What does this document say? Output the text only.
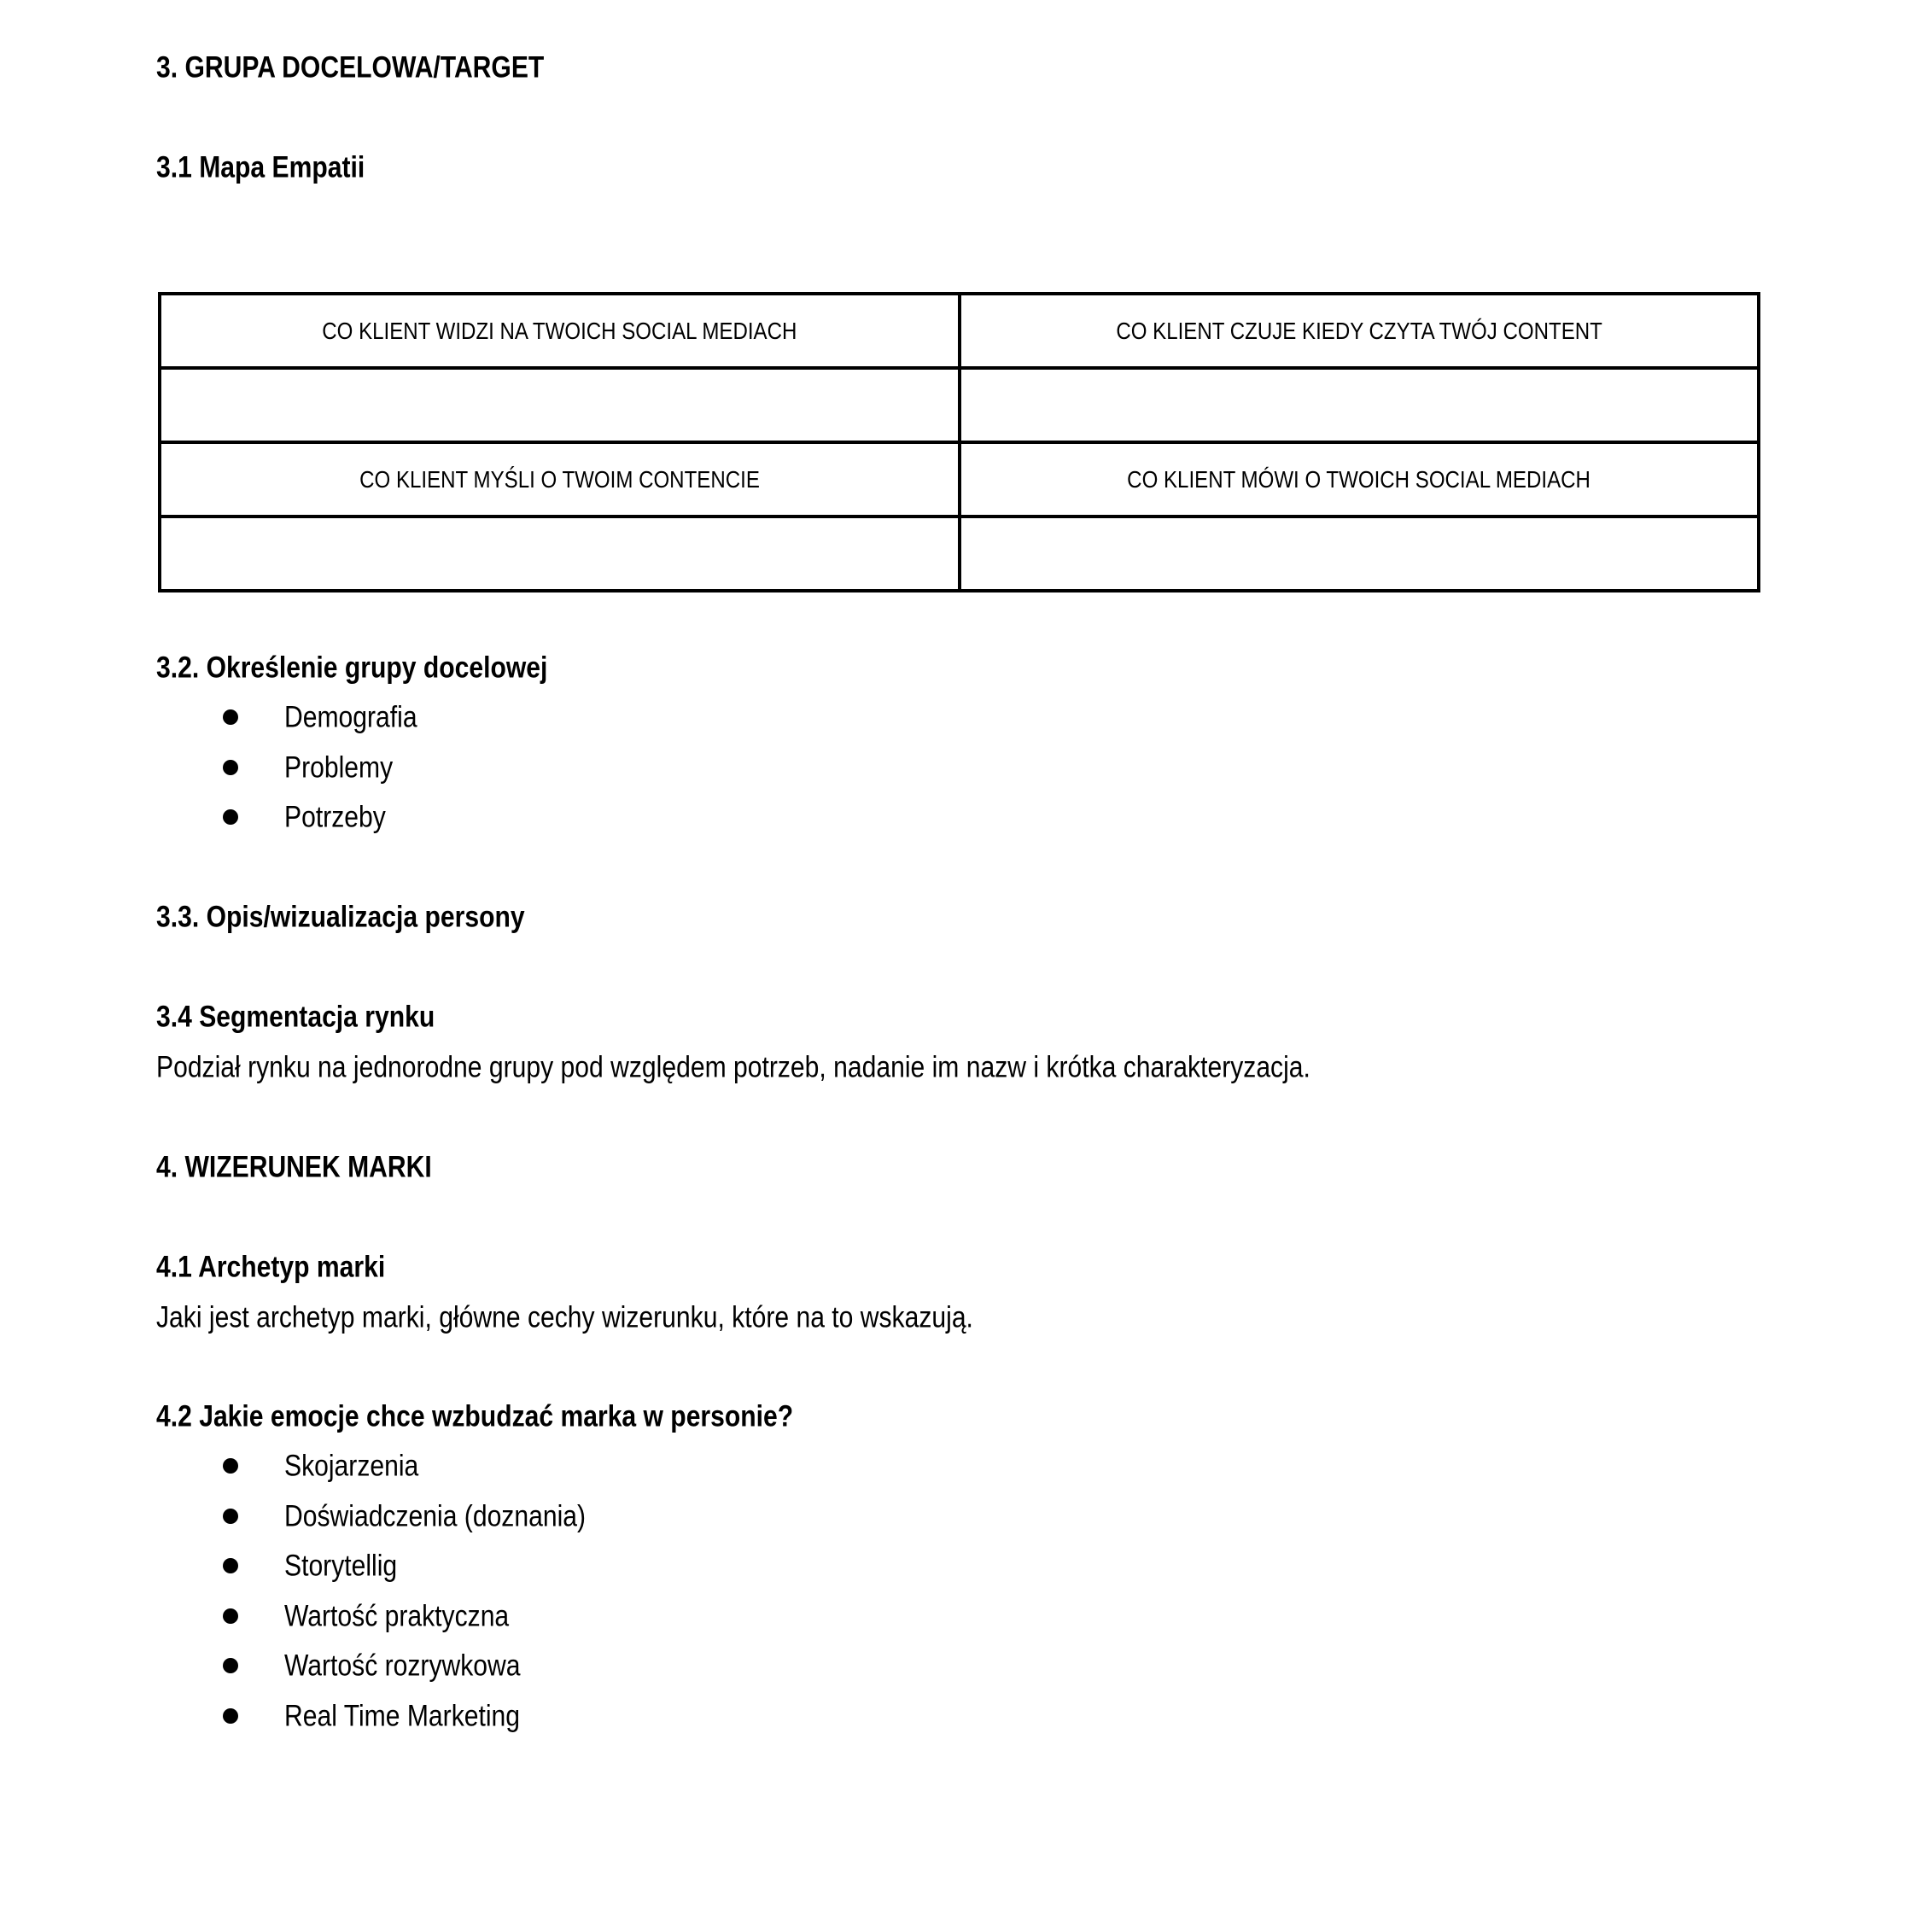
3. GRUPA DOCELOWA/TARGET
3.1 Mapa Empatii
CO KLIENT WIDZI NA TWOICH SOCIAL MEDIACH	CO KLIENT CZUJE KIEDY CZYTA TWÓJ CONTENT

CO KLIENT MYŚLI O TWOIM CONTENCIE	CO KLIENT MÓWI O TWOICH SOCIAL MEDIACH

3.2. Określenie grupy docelowej
Demografia
Problemy
Potrzeby
3.3. Opis/wizualizacja persony
3.4 Segmentacja rynku
Podział rynku na jednorodne grupy pod względem potrzeb, nadanie im nazw i krótka charakteryzacja.
4. WIZERUNEK MARKI
4.1 Archetyp marki
Jaki jest archetyp marki, główne cechy wizerunku, które na to wskazują.
4.2 Jakie emocje chce wzbudzać marka w personie?
Skojarzenia
Doświadczenia (doznania)
Storytellig
Wartość praktyczna
Wartość rozrywkowa
Real Time Marketing
